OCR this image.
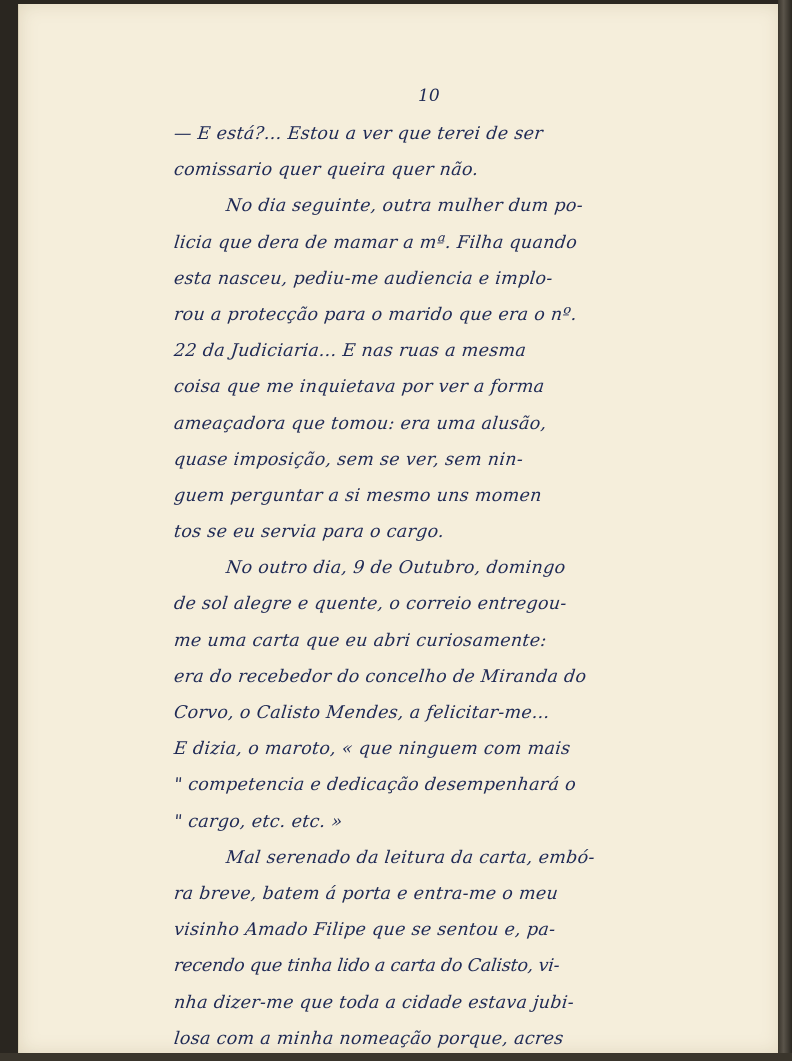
10
— E está?... Estou a ver que terei de ser
comissario quer queira quer não.
No dia seguinte, outra mulher dum po-
licia que dera de mamar a mª. Filha quando
esta nasceu, pediu-me audiencia e implo-
rou a protecção para o marido que era o nº.
22 da Judiciaria... E nas ruas a mesma
coisa que me inquietava por ver a forma
ameaçadora que tomou: era uma alusão,
quase imposição, sem se ver, sem nin-
guem perguntar a si mesmo uns momen
tos se eu servia para o cargo.
No outro dia, 9 de Outubro, domingo
de sol alegre e quente, o correio entregou-
me uma carta que eu abri curiosamente:
era do recebedor do concelho de Miranda do
Corvo, o Calisto Mendes, a felicitar-me...
E dizia, o maroto, « que ninguem com mais
" competencia e dedicação desempenhará o
" cargo, etc. etc. »
Mal serenado da leitura da carta, embó-
ra breve, batem á porta e entra-me o meu
visinho Amado Filipe que se sentou e, pa-
recendo que tinha lido a carta do Calisto, vi-
nha dizer-me que toda a cidade estava jubi-
losa com a minha nomeação porque, acres
